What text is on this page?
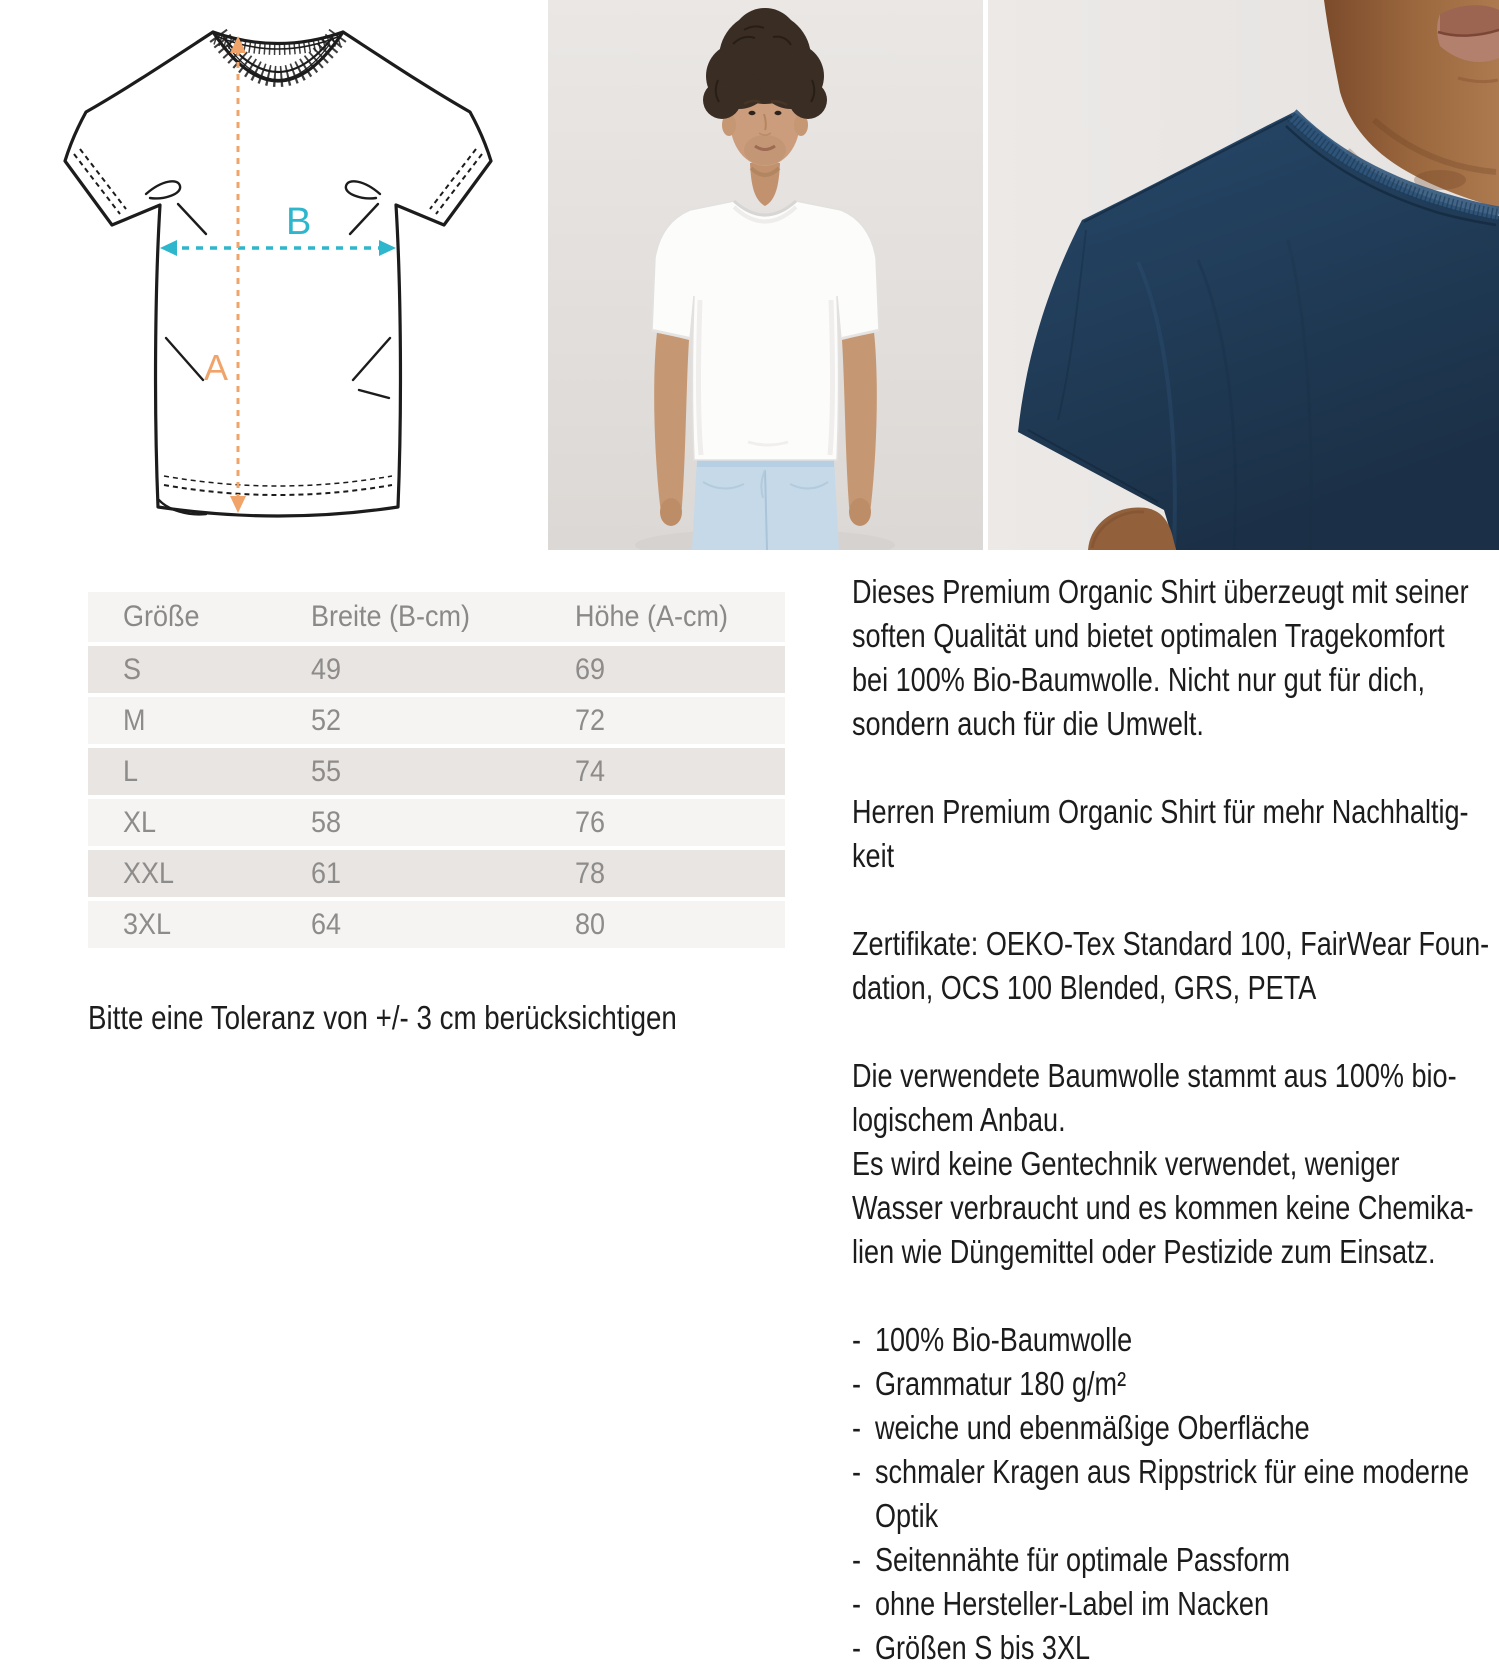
B
A
Größe	Breite (B-cm)	Höhe (A-cm)
S	49	69
M	52	72
L	55	74
XL	58	76
XXL	61	78
3XL	64	80
Bitte eine Toleranz von +/- 3 cm berücksichtigen
Dieses Premium Organic Shirt überzeugt mit seiner
soften Qualität und bietet optimalen Tragekomfort
bei 100% Bio-Baumwolle. Nicht nur gut für dich,
sondern auch für die Umwelt.
Herren Premium Organic Shirt für mehr Nachhaltig-
keit
Zertifikate: OEKO-Tex Standard 100, FairWear Foun-
dation, OCS 100 Blended, GRS, PETA
Die verwendete Baumwolle stammt aus 100% bio-
logischem Anbau.
Es wird keine Gentechnik verwendet, weniger
Wasser verbraucht und es kommen keine Chemika-
lien wie Düngemittel oder Pestizide zum Einsatz.
- 100% Bio-Baumwolle
- Grammatur 180 g/m²
- weiche und ebenmäßige Oberfläche
- schmaler Kragen aus Rippstrick für eine moderne
Optik
- Seitennähte für optimale Passform
- ohne Hersteller-Label im Nacken
- Größen S bis 3XL
